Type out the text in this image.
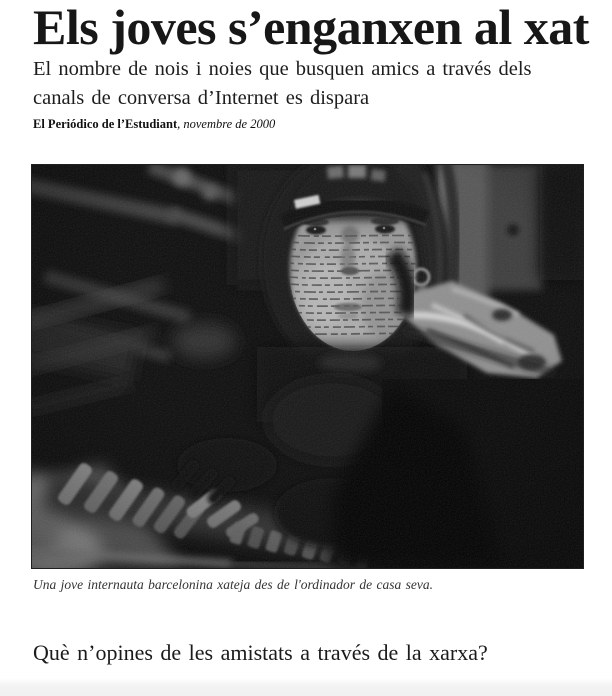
Els joves s’enganxen al xat

El nombre de nois i noies que busquen amics a través dels
canals de conversa d’Internet es dispara

El Periódico de l’Estudiant, novembre de 2000

Una jove internauta barcelonina xateja des de l'ordinador de casa seva.

Què n’opines de les amistats a través de la xarxa?
